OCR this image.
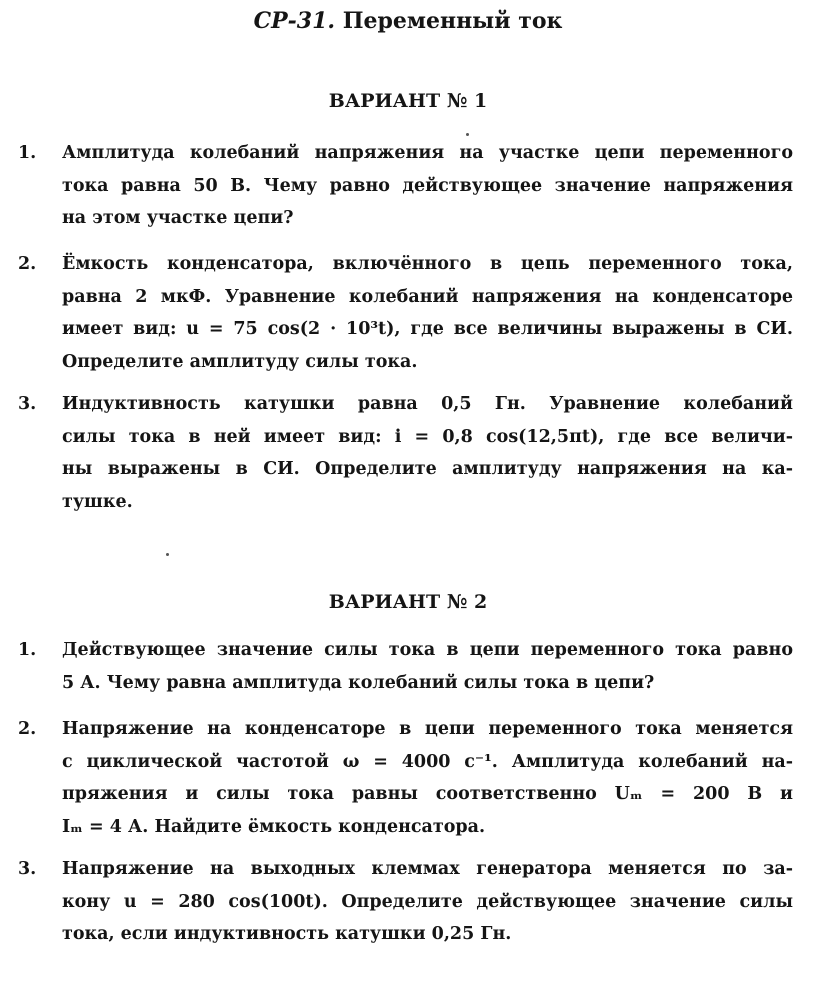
СР-31. Переменный ток
ВАРИАНТ № 1
1.	Амплитуда колебаний напряжения на участке цепи переменного
тока равна 50 В. Чему равно действующее значение напряжения
на этом участке цепи?
2.	Ёмкость конденсатора, включённого в цепь переменного тока,
равна 2 мкФ. Уравнение колебаний напряжения на конденсаторе
имеет вид: u = 75 cos(2 · 10³t), где все величины выражены в СИ.
Определите амплитуду силы тока.
3.	Индуктивность катушки равна 0,5 Гн. Уравнение колебаний
силы тока в ней имеет вид: i = 0,8 cos(12,5πt), где все величи-
ны выражены в СИ. Определите амплитуду напряжения на ка-
тушке.
ВАРИАНТ № 2
1.	Действующее значение силы тока в цепи переменного тока равно
5 А. Чему равна амплитуда колебаний силы тока в цепи?
2.	Напряжение на конденсаторе в цепи переменного тока меняется
с циклической частотой ω = 4000 с⁻¹. Амплитуда колебаний на-
пряжения и силы тока равны соответственно Uₘ = 200 В и
Iₘ = 4 А. Найдите ёмкость конденсатора.
3.	Напряжение на выходных клеммах генератора меняется по за-
кону u = 280 cos(100t). Определите действующее значение силы
тока, если индуктивность катушки 0,25 Гн.
